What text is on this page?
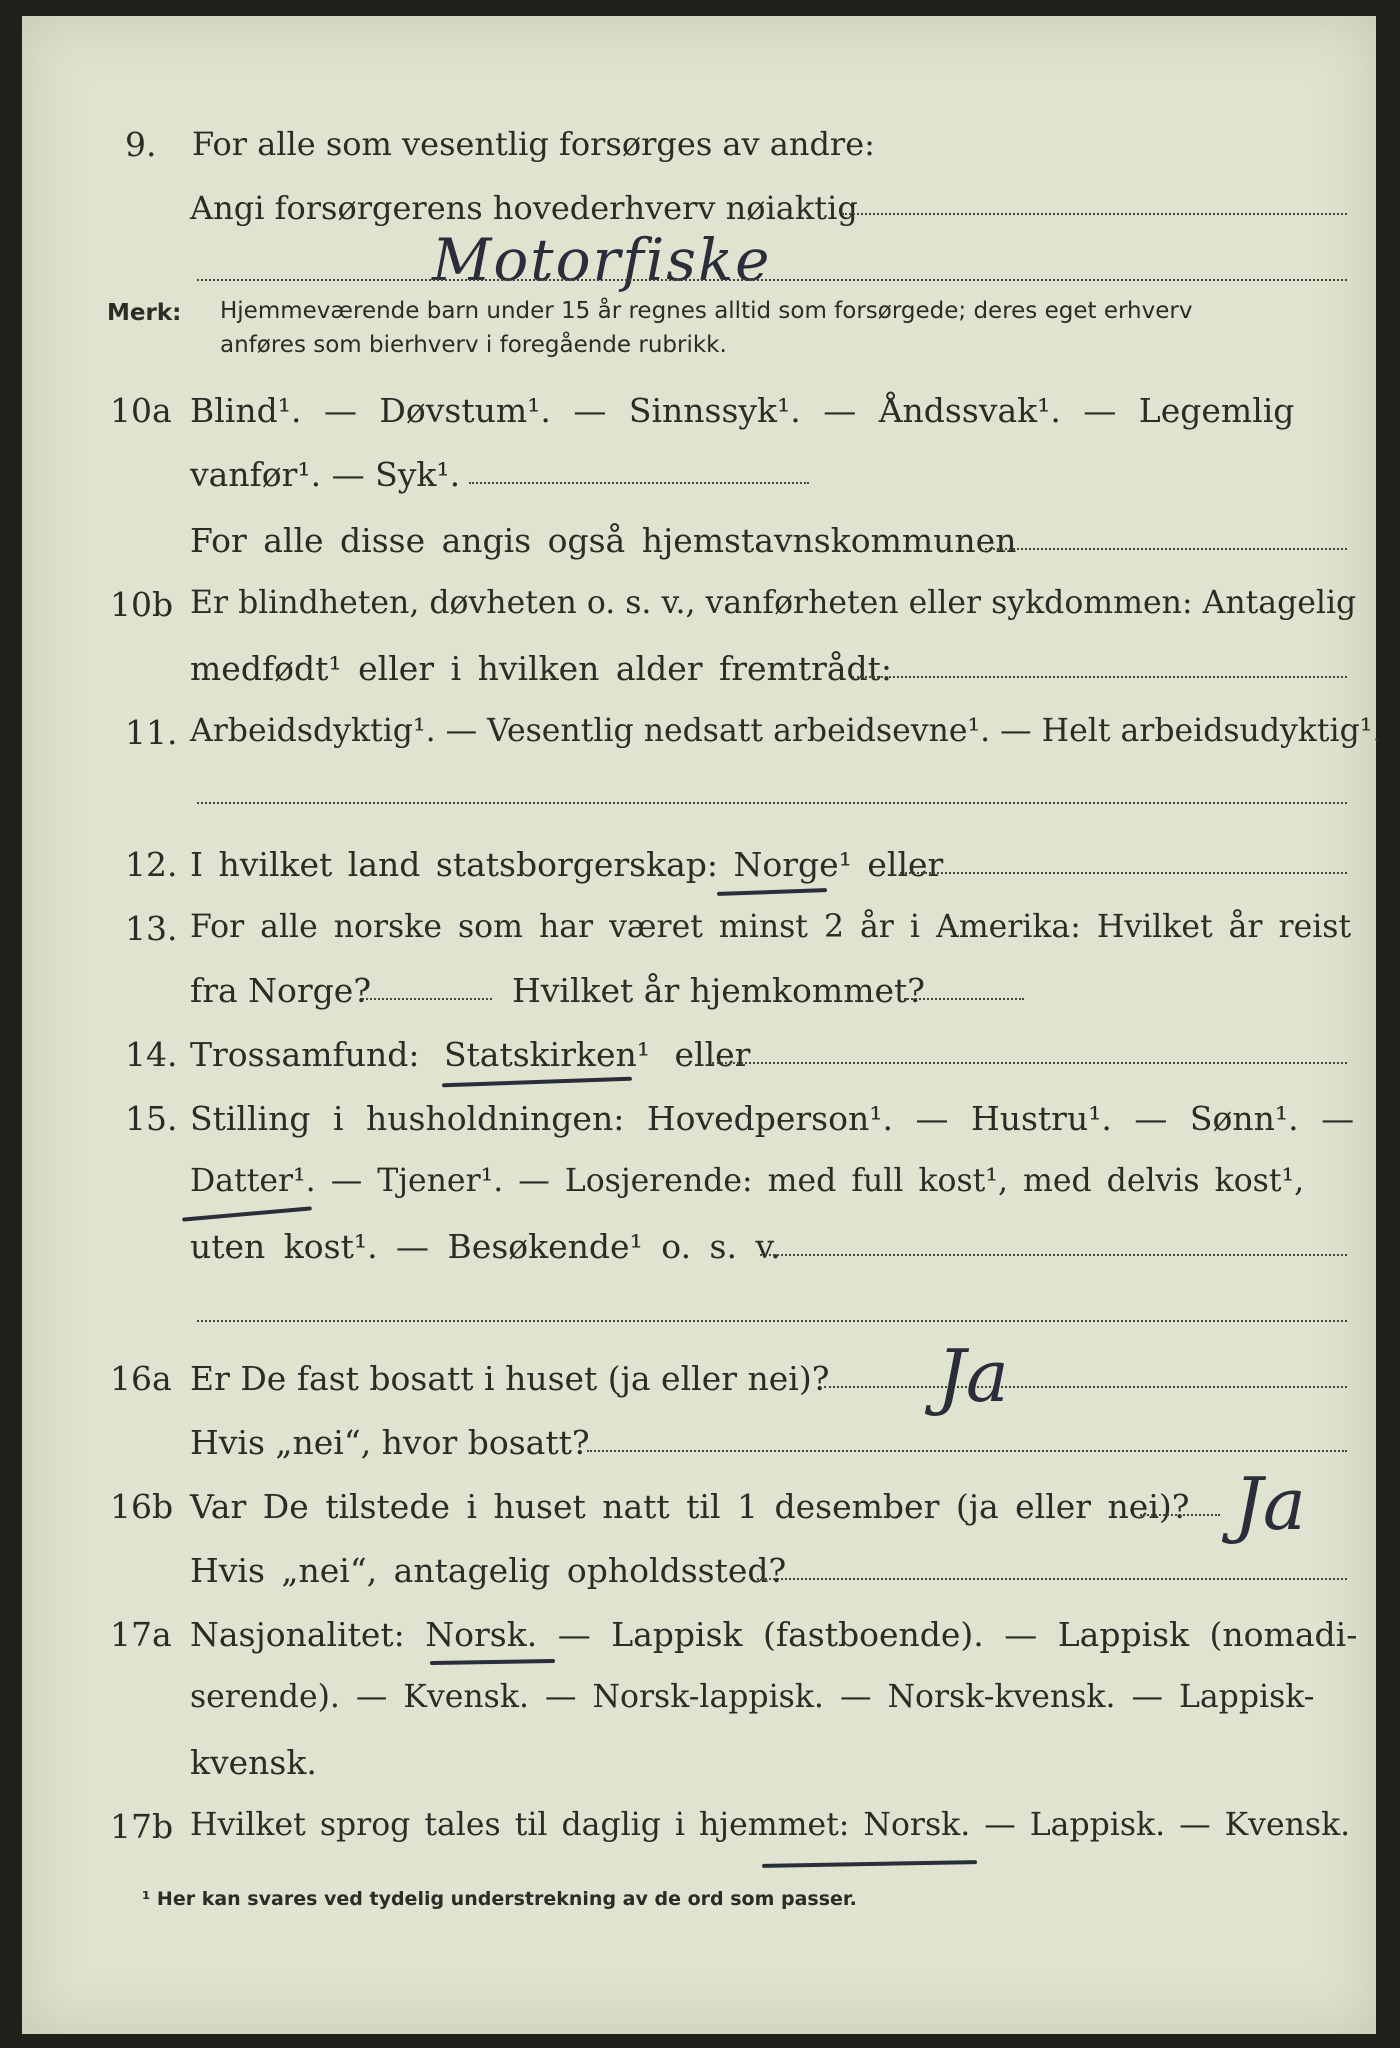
9. For alle som vesentlig forsørges av andre:
Angi forsørgerens hovederhverv nøiaktig
Motorfiske
Merk: Hjemmeværende barn under 15 år regnes alltid som forsørgede; deres eget erhverv
anføres som bierhverv i foregående rubrikk.
10a Blind¹. — Døvstum¹. — Sinnssyk¹. — Åndssvak¹. — Legemlig
vanfør¹. — Syk¹.
For alle disse angis også hjemstavnskommunen
10b Er blindheten, døvheten o. s. v., vanførheten eller sykdommen: Antagelig
medfødt¹ eller i hvilken alder fremtrådt:
11. Arbeidsdyktig¹. — Vesentlig nedsatt arbeidsevne¹. — Helt arbeidsudyktig¹.
12. I hvilket land statsborgerskap: Norge¹ eller
13. For alle norske som har været minst 2 år i Amerika: Hvilket år reist
fra Norge?	Hvilket år hjemkommet?
14. Trossamfund: Statskirken¹ eller
15. Stilling i husholdningen: Hovedperson¹. — Hustru¹. — Sønn¹. —
Datter¹. — Tjener¹. — Losjerende: med full kost¹, med delvis kost¹,
uten kost¹. — Besøkende¹ o. s. v.
16a Er De fast bosatt i huset (ja eller nei)? Ja
Hvis „nei“, hvor bosatt?
16b Var De tilstede i huset natt til 1 desember (ja eller nei)? Ja
Hvis „nei“, antagelig opholdssted?
17a Nasjonalitet: Norsk. — Lappisk (fastboende). — Lappisk (nomadi-
serende). — Kvensk. — Norsk-lappisk. — Norsk-kvensk. — Lappisk-
kvensk.
17b Hvilket sprog tales til daglig i hjemmet: Norsk. — Lappisk. — Kvensk.
¹ Her kan svares ved tydelig understrekning av de ord som passer.
